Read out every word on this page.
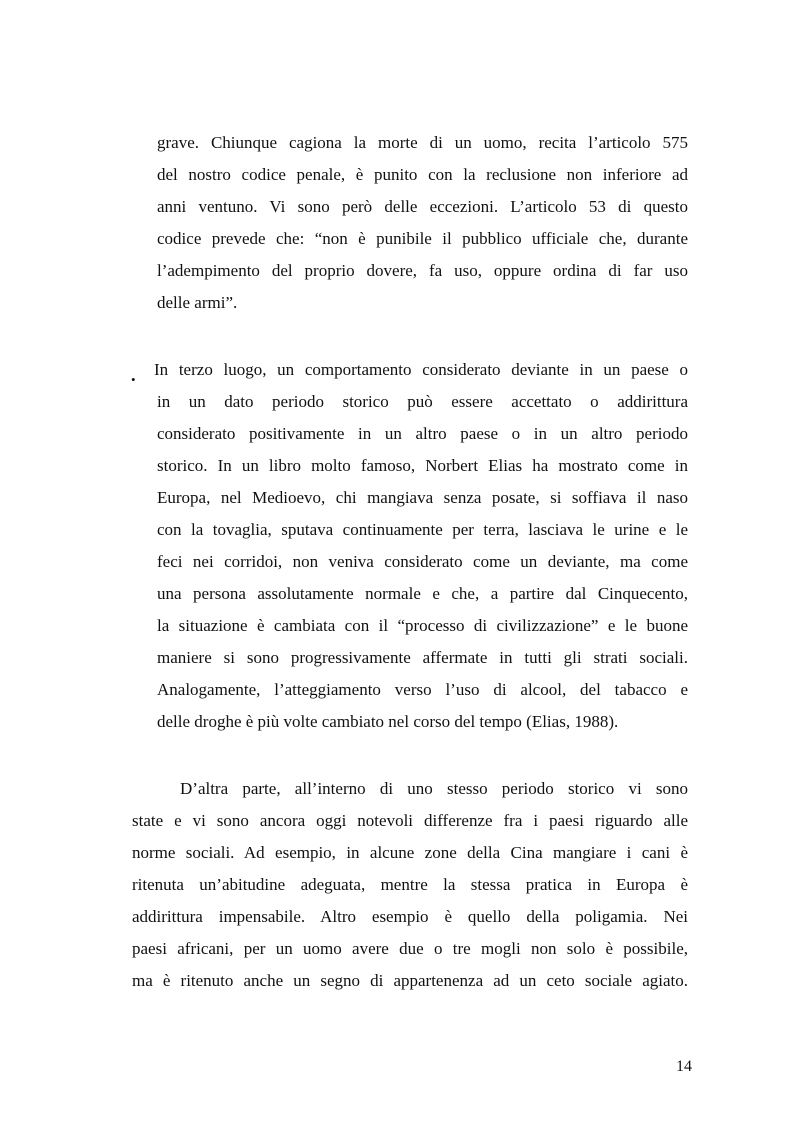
grave. Chiunque cagiona la morte di un uomo, recita l’articolo 575

del nostro codice penale, è punito con la reclusione non inferiore ad

anni ventuno. Vi sono però delle eccezioni. L’articolo 53 di questo

codice prevede che: “non è punibile il pubblico ufficiale che, durante

l’adempimento del proprio dovere, fa uso, oppure ordina di far uso

delle armi”.

•

In terzo luogo, un comportamento considerato deviante in un paese o

in un dato periodo storico può essere accettato o addirittura

considerato positivamente in un altro paese o in un altro periodo

storico. In un libro molto famoso, Norbert Elias ha mostrato come in

Europa, nel Medioevo, chi mangiava senza posate, si soffiava il naso

con la tovaglia, sputava continuamente per terra, lasciava le urine e le

feci nei corridoi, non veniva considerato come un deviante, ma come

una persona assolutamente normale e che, a partire dal Cinquecento,

la situazione è cambiata con il “processo di civilizzazione” e le buone

maniere si sono progressivamente affermate in tutti gli strati sociali.

Analogamente, l’atteggiamento verso l’uso di alcool, del tabacco e

delle droghe è più volte cambiato nel corso del tempo (Elias, 1988).

D’altra parte, all’interno di uno stesso periodo storico vi sono

state e vi sono ancora oggi notevoli differenze fra i paesi riguardo alle

norme sociali. Ad esempio, in alcune zone della Cina mangiare i cani è

ritenuta un’abitudine adeguata, mentre la stessa pratica in Europa è

addirittura impensabile. Altro esempio è quello della poligamia. Nei

paesi africani, per un uomo avere due o tre mogli non solo è possibile,

ma è ritenuto anche un segno di appartenenza ad un ceto sociale agiato.

14
